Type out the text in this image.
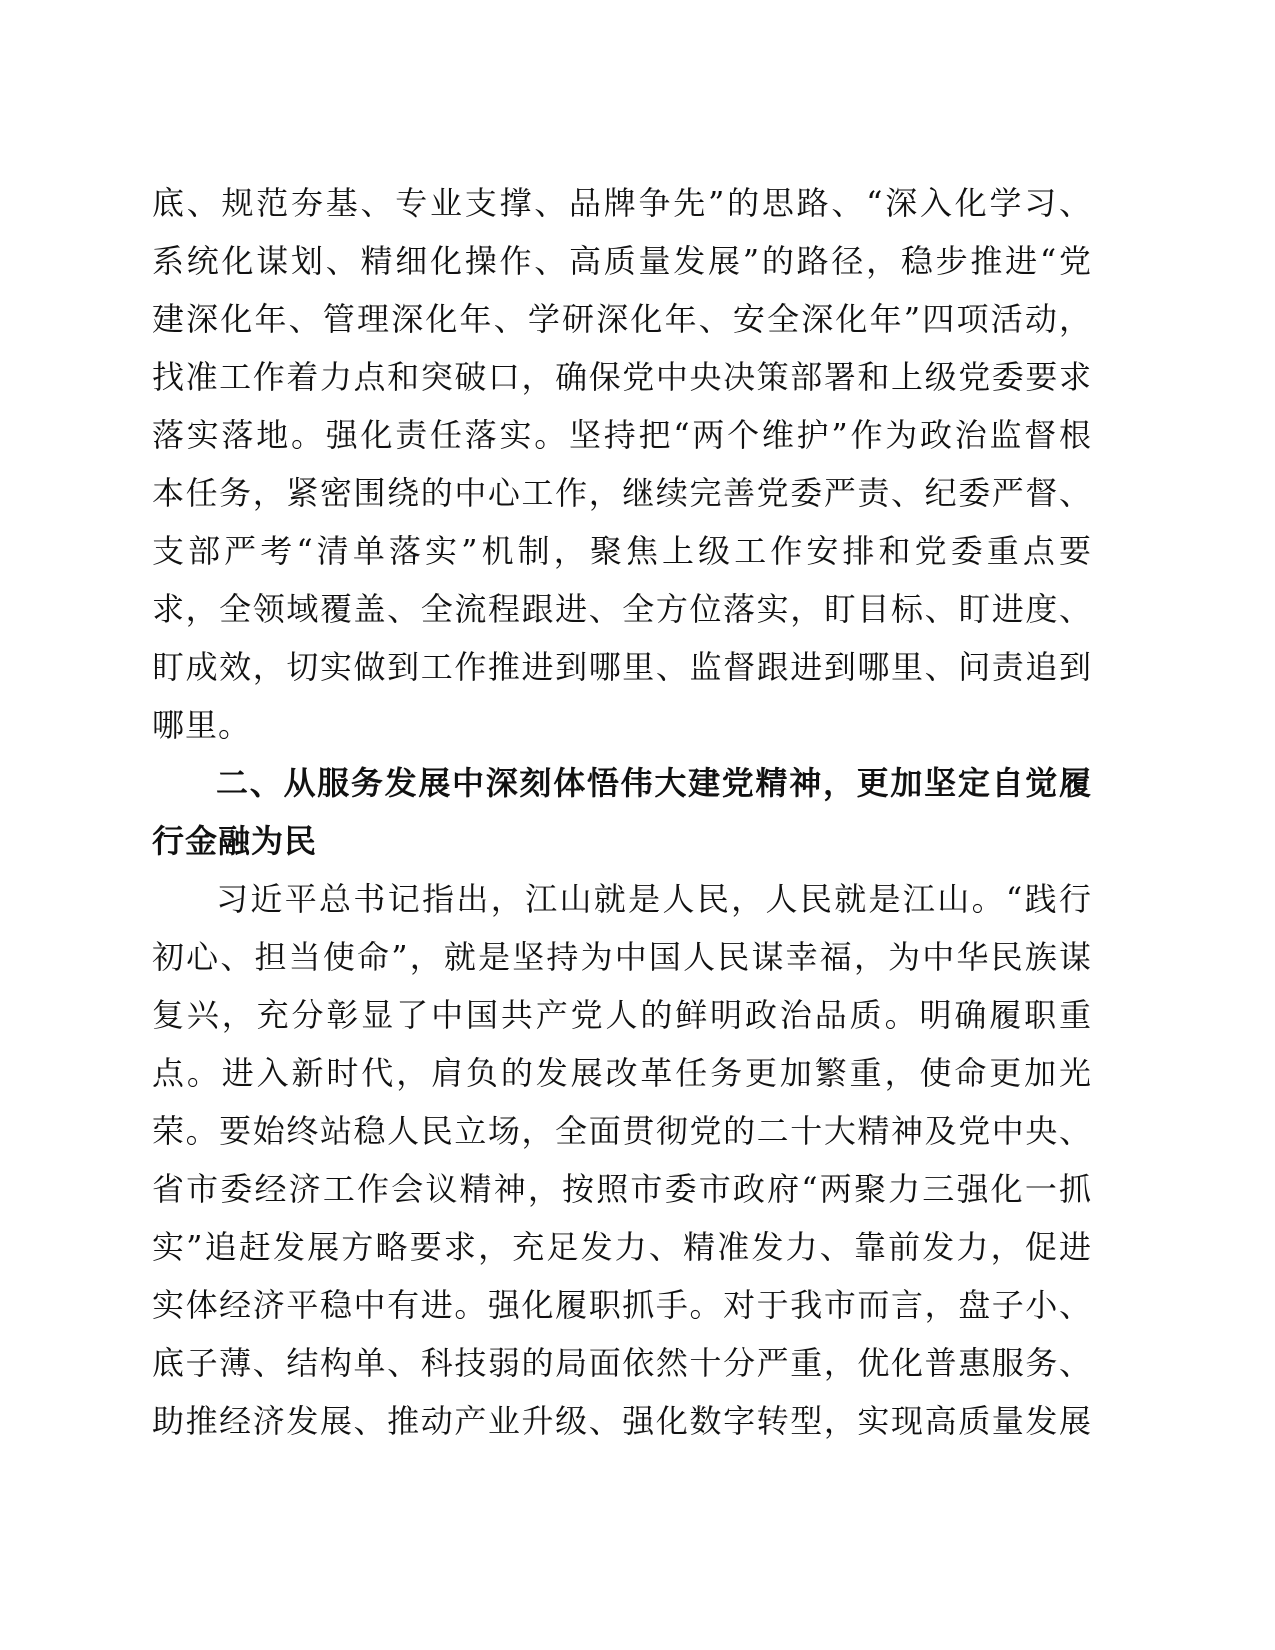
底、规范夯基、专业支撑、品牌争先”的思路、“深入化学习、
系统化谋划、精细化操作、高质量发展”的路径，稳步推进“党
建深化年、管理深化年、学研深化年、安全深化年”四项活动，
找准工作着力点和突破口，确保党中央决策部署和上级党委要求
落实落地。强化责任落实。坚持把“两个维护”作为政治监督根
本任务，紧密围绕的中心工作，继续完善党委严责、纪委严督、
支部严考“清单落实”机制，聚焦上级工作安排和党委重点要
求，全领域覆盖、全流程跟进、全方位落实，盯目标、盯进度、
盯成效，切实做到工作推进到哪里、监督跟进到哪里、问责追到
哪里。
二、从服务发展中深刻体悟伟大建党精神，更加坚定自觉履
行金融为民
习近平总书记指出，江山就是人民，人民就是江山。“践行
初心、担当使命”，就是坚持为中国人民谋幸福，为中华民族谋
复兴，充分彰显了中国共产党人的鲜明政治品质。明确履职重
点。进入新时代，肩负的发展改革任务更加繁重，使命更加光
荣。要始终站稳人民立场，全面贯彻党的二十大精神及党中央、
省市委经济工作会议精神，按照市委市政府“两聚力三强化一抓
实”追赶发展方略要求，充足发力、精准发力、靠前发力，促进
实体经济平稳中有进。强化履职抓手。对于我市而言，盘子小、
底子薄、结构单、科技弱的局面依然十分严重，优化普惠服务、
助推经济发展、推动产业升级、强化数字转型，实现高质量发展
